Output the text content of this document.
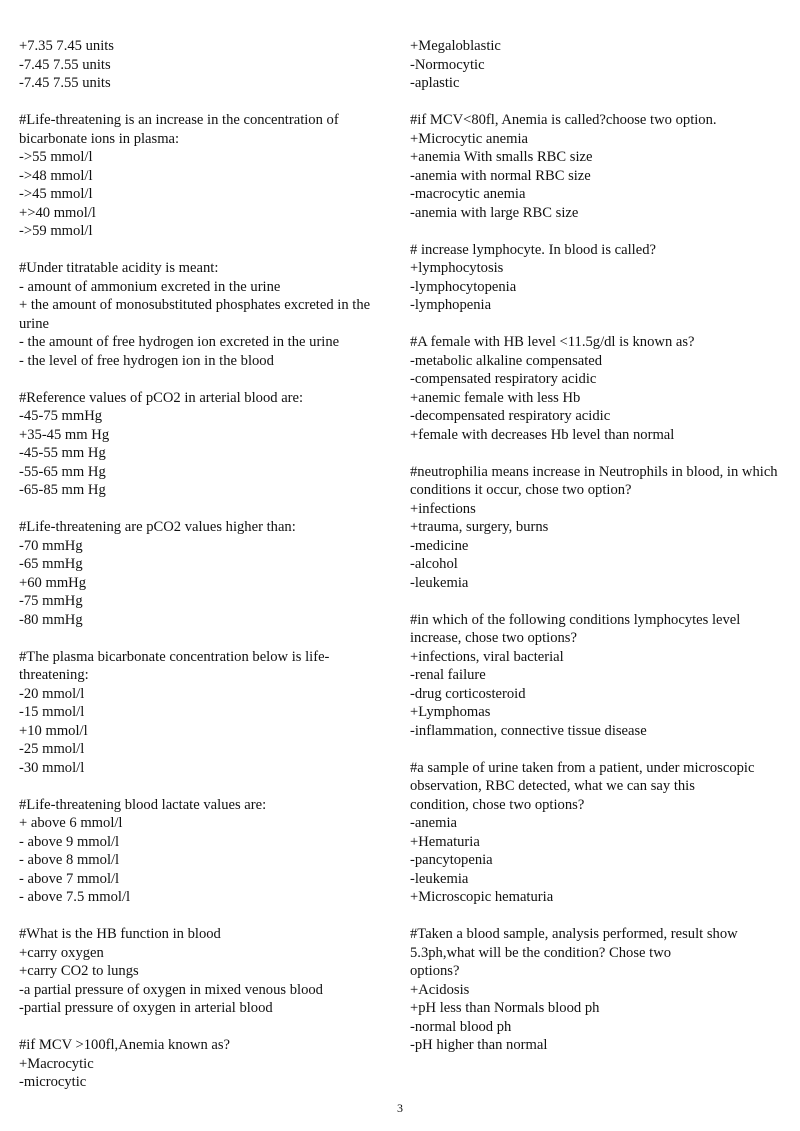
+7.35 7.45 units
-7.45 7.55 units
-7.45 7.55 units
#Life-threatening is an increase in the concentration of bicarbonate ions in plasma:
->55 mmol/l
->48 mmol/l
->45 mmol/l
+>40 mmol/l
->59 mmol/l
#Under titratable acidity is meant:
- amount of ammonium excreted in the urine
+ the amount of monosubstituted phosphates excreted in the urine
- the amount of free hydrogen ion excreted in the urine
- the level of free hydrogen ion in the blood
#Reference values of pCO2 in arterial blood are:
-45-75 mmHg
+35-45 mm Hg
-45-55 mm Hg
-55-65 mm Hg
-65-85 mm Hg
#Life-threatening are pCO2 values higher than:
-70 mmHg
-65 mmHg
+60 mmHg
-75 mmHg
-80 mmHg
#The plasma bicarbonate concentration below is life-threatening:
-20 mmol/l
-15 mmol/l
+10 mmol/l
-25 mmol/l
-30 mmol/l
#Life-threatening blood lactate values are:
+ above 6 mmol/l
- above 9 mmol/l
- above 8 mmol/l
- above 7 mmol/l
- above 7.5 mmol/l
#What is the HB function in blood
+carry oxygen
+carry CO2 to lungs
-a partial pressure of oxygen in mixed venous blood
-partial pressure of oxygen in arterial blood
#if MCV >100fl,Anemia known as?
+Macrocytic
-microcytic
+Megaloblastic
-Normocytic
-aplastic
#if MCV<80fl, Anemia is called?choose two option.
+Microcytic anemia
+anemia With smalls RBC size
-anemia with normal RBC size
-macrocytic anemia
-anemia with large RBC size
# increase lymphocyte. In blood is called?
+lymphocytosis
-lymphocytopenia
-lymphopenia
#A female with HB level <11.5g/dl is known as?
-metabolic alkaline compensated
-compensated respiratory acidic
+anemic female with less Hb
-decompensated respiratory acidic
+female with decreases Hb level than normal
#neutrophilia means increase in Neutrophils in blood, in which conditions it occur, chose two option?
+infections
+trauma, surgery, burns
-medicine
-alcohol
-leukemia
#in which of the following conditions lymphocytes level increase, chose two options?
+infections, viral bacterial
-renal failure
-drug corticosteroid
+Lymphomas
-inflammation, connective tissue disease
#a sample of urine taken from a patient, under microscopic observation, RBC detected, what we can say this
condition, chose two options?
-anemia
+Hematuria
-pancytopenia
-leukemia
+Microscopic hematuria
#Taken a blood sample, analysis performed, result show 5.3ph,what will be the condition? Chose two
options?
+Acidosis
+pH less than Normals blood ph
-normal blood ph
-pH higher than normal
3
